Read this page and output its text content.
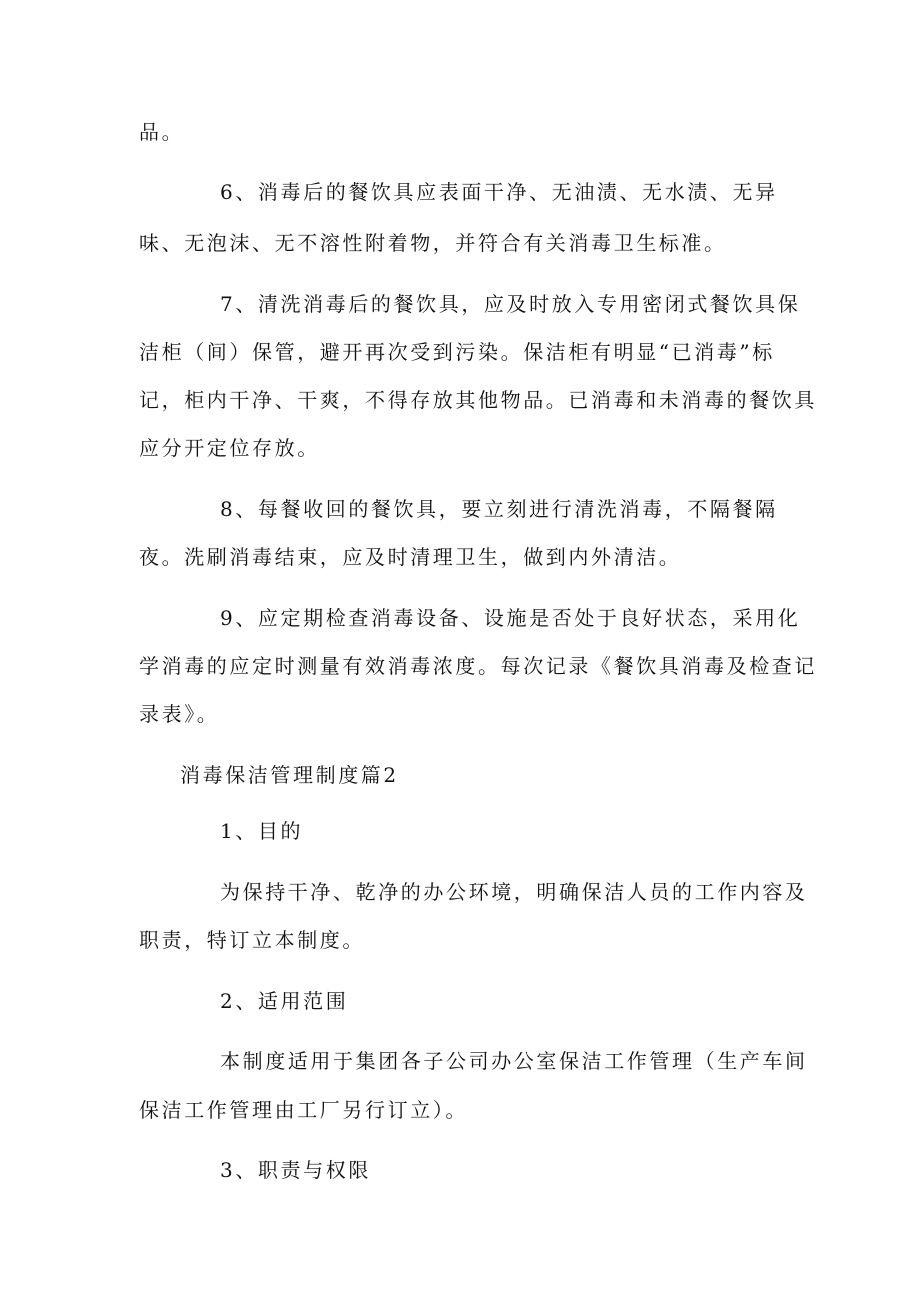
品。
6、消毒后的餐饮具应表面干净、无油渍、无水渍、无异
味、无泡沫、无不溶性附着物，并符合有关消毒卫生标准。
7、清洗消毒后的餐饮具，应及时放入专用密闭式餐饮具保
洁柜（间）保管，避开再次受到污染。保洁柜有明显“已消毒”标
记，柜内干净、干爽，不得存放其他物品。已消毒和未消毒的餐饮具
应分开定位存放。
8、每餐收回的餐饮具，要立刻进行清洗消毒，不隔餐隔
夜。洗刷消毒结束，应及时清理卫生，做到内外清洁。
9、应定期检查消毒设备、设施是否处于良好状态，采用化
学消毒的应定时测量有效消毒浓度。每次记录《餐饮具消毒及检查记
录表》。
消毒保洁管理制度篇2
1、目的
为保持干净、乾净的办公环境，明确保洁人员的工作内容及
职责，特订立本制度。
2、适用范围
本制度适用于集团各子公司办公室保洁工作管理（生产车间
保洁工作管理由工厂另行订立）。
3、职责与权限
